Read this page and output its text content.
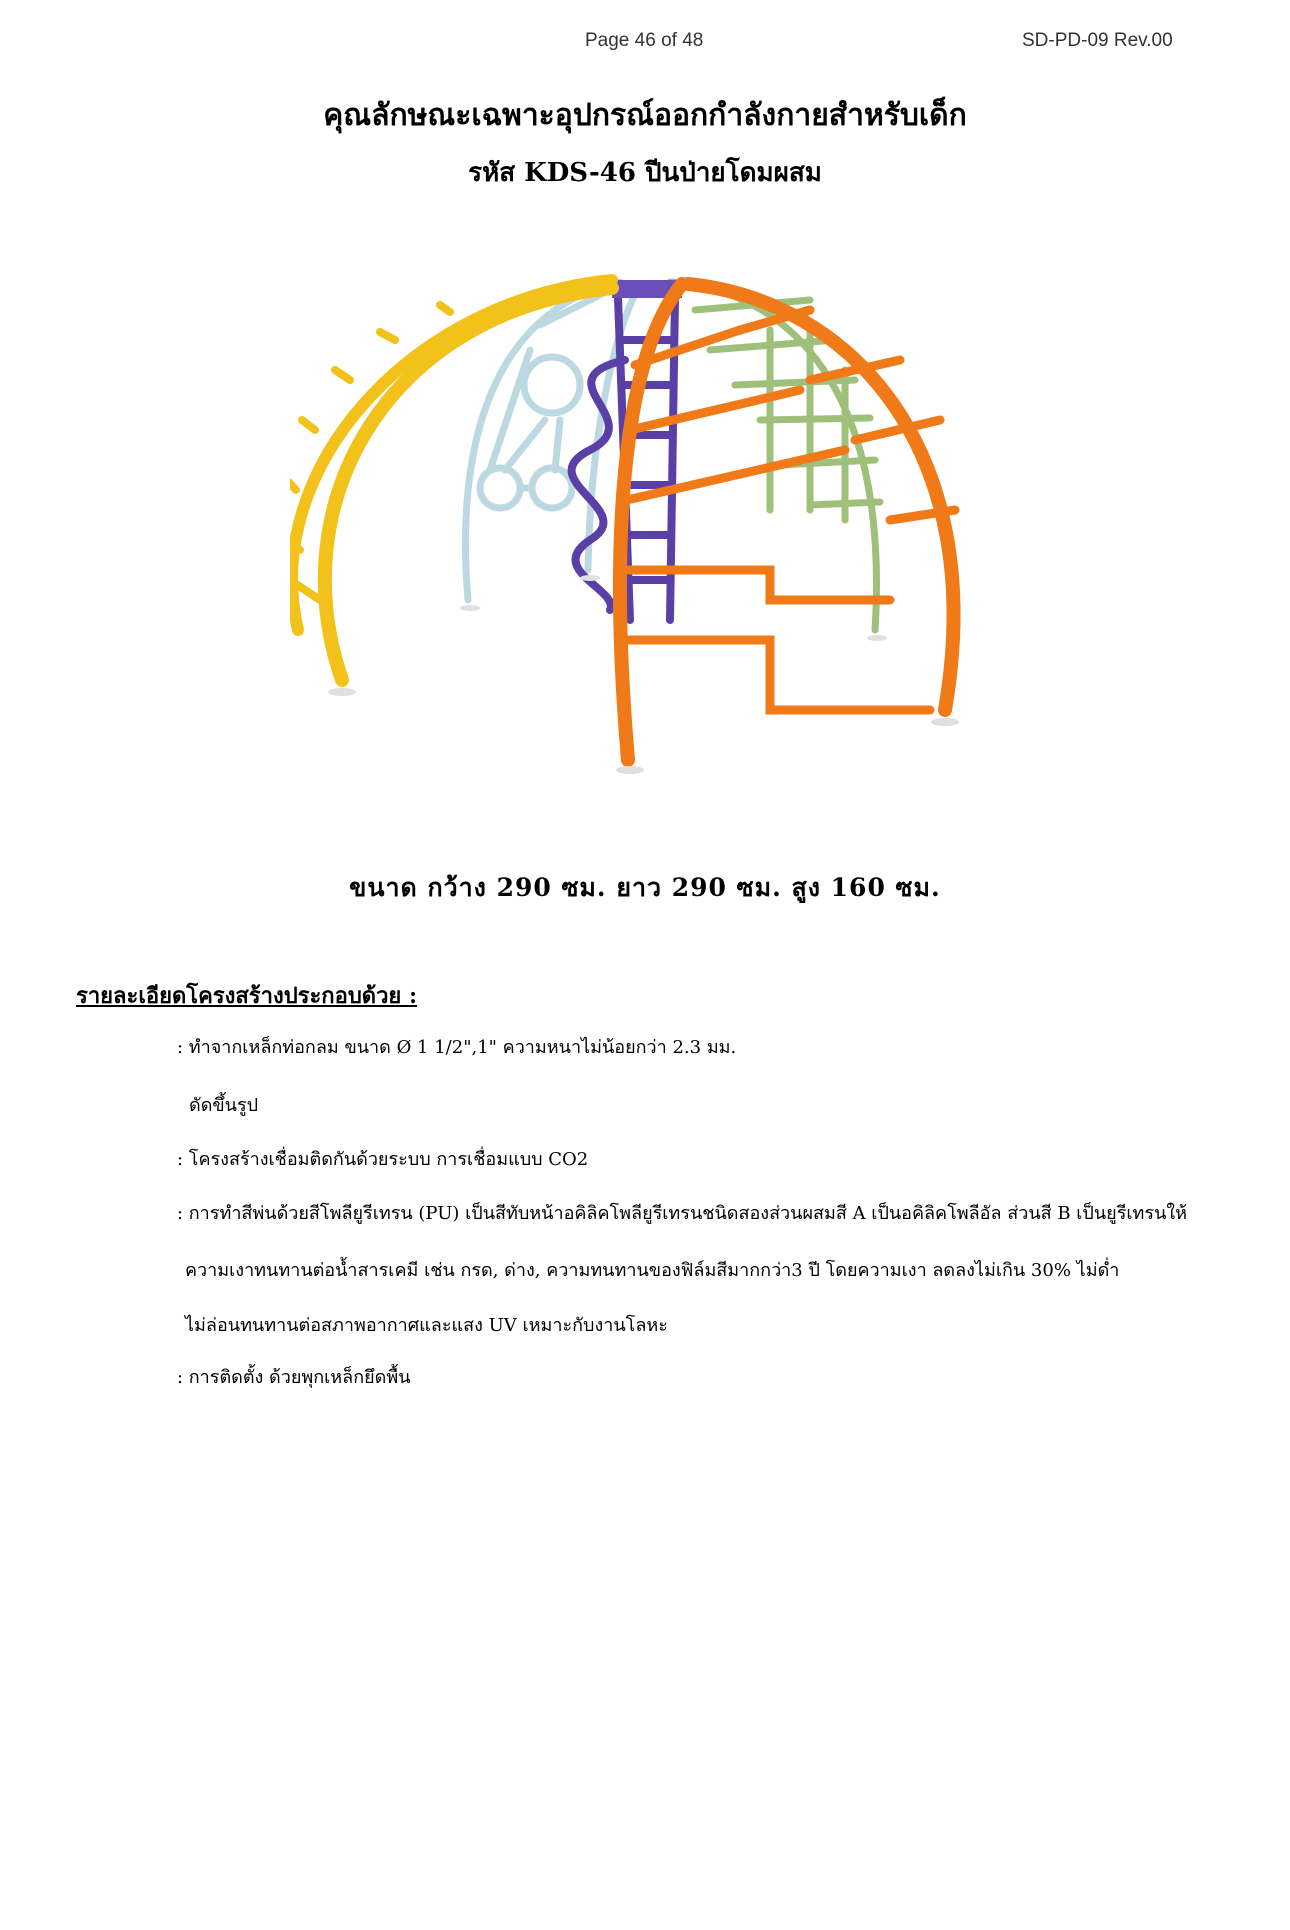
Page 46 of 48	SD-PD-09 Rev.00
คุณลักษณะเฉพาะอุปกรณ์ออกกำลังกายสำหรับเด็ก
รหัส KDS-46 ปีนป่ายโดมผสม
ขนาด กว้าง 290 ซม. ยาว 290 ซม. สูง 160 ซม.
รายละเอียดโครงสร้างประกอบด้วย :
: ทำจากเหล็กท่อกลม ขนาด Ø 1 1/2",1" ความหนาไม่น้อยกว่า 2.3 มม.
ดัดขึ้นรูป
: โครงสร้างเชื่อมติดกันด้วยระบบ การเชื่อมแบบ CO2
: การทำสีพ่นด้วยสีโพลียูรีเทรน (PU) เป็นสีทับหน้าอคิลิคโพลียูรีเทรนชนิดสองส่วนผสมสี A เป็นอคิลิคโพลีอัล ส่วนสี B เป็นยูรีเทรนให้
ความเงาทนทานต่อน้ำสารเคมี เช่น กรด, ด่าง, ความทนทานของฟิล์มสีมากกว่า3 ปี โดยความเงา ลดลงไม่เกิน 30% ไม่ด่ำ
ไม่ล่อนทนทานต่อสภาพอากาศและแสง UV เหมาะกับงานโลหะ
: การติดตั้ง ด้วยพุกเหล็กยึดพื้น
